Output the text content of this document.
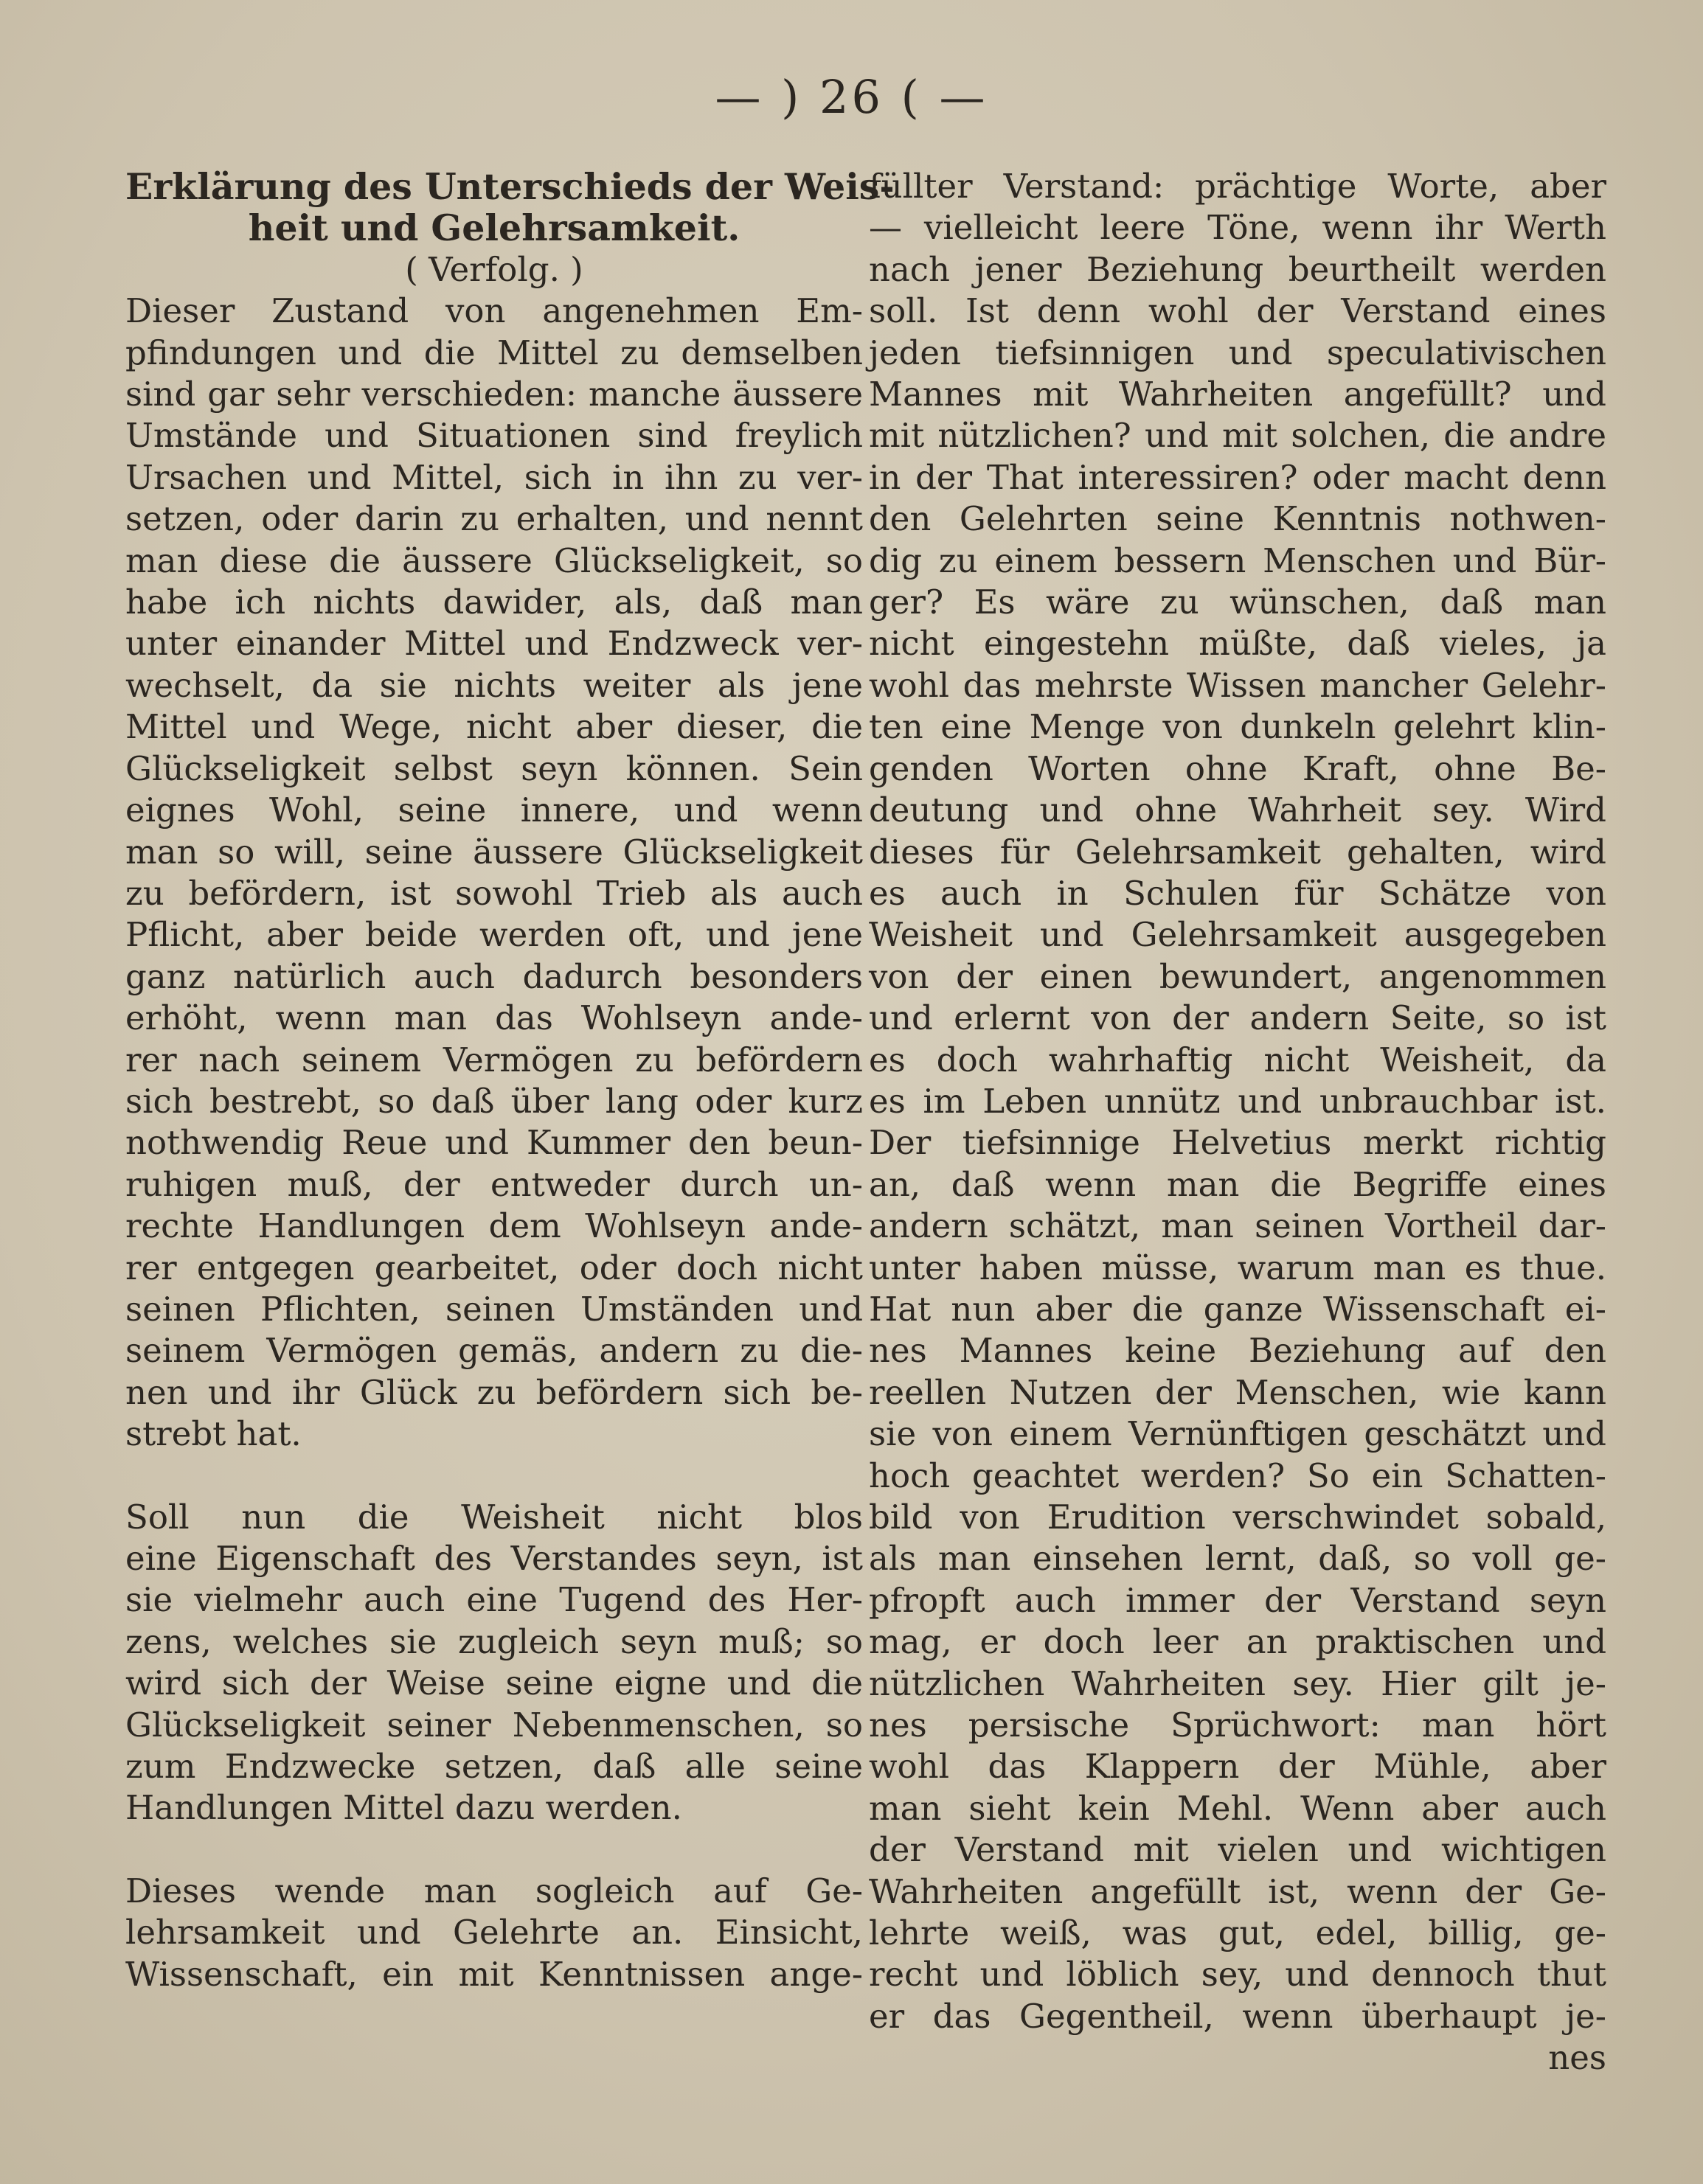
— ) 26 ( —

Erklärung des Unterschieds der Weis-

heit und Gelehrsamkeit.

( Verfolg. )

Dieser Zustand von angenehmen Em-

pfindungen und die Mittel zu demselben

sind gar sehr verschieden: manche äussere

Umstände und Situationen sind freylich

Ursachen und Mittel, sich in ihn zu ver-

setzen, oder darin zu erhalten, und nennt

man diese die äussere Glückseligkeit, so

habe ich nichts dawider, als, daß man

unter einander Mittel und Endzweck ver-

wechselt, da sie nichts weiter als jene

Mittel und Wege, nicht aber dieser, die

Glückseligkeit selbst seyn können. Sein

eignes Wohl, seine innere, und wenn

man so will, seine äussere Glückseligkeit

zu befördern, ist sowohl Trieb als auch

Pflicht, aber beide werden oft, und jene

ganz natürlich auch dadurch besonders

erhöht, wenn man das Wohlseyn ande-

rer nach seinem Vermögen zu befördern

sich bestrebt, so daß über lang oder kurz

nothwendig Reue und Kummer den beun-

ruhigen muß, der entweder durch un-

rechte Handlungen dem Wohlseyn ande-

rer entgegen gearbeitet, oder doch nicht

seinen Pflichten, seinen Umständen und

seinem Vermögen gemäs, andern zu die-

nen und ihr Glück zu befördern sich be-

strebt hat.

Soll nun die Weisheit nicht blos

eine Eigenschaft des Verstandes seyn, ist

sie vielmehr auch eine Tugend des Her-

zens, welches sie zugleich seyn muß; so

wird sich der Weise seine eigne und die

Glückseligkeit seiner Nebenmenschen, so

zum Endzwecke setzen, daß alle seine

Handlungen Mittel dazu werden.

Dieses wende man sogleich auf Ge-

lehrsamkeit und Gelehrte an. Einsicht,

Wissenschaft, ein mit Kenntnissen ange-

füllter Verstand: prächtige Worte, aber

— vielleicht leere Töne, wenn ihr Werth

nach jener Beziehung beurtheilt werden

soll. Ist denn wohl der Verstand eines

jeden tiefsinnigen und speculativischen

Mannes mit Wahrheiten angefüllt? und

mit nützlichen? und mit solchen, die andre

in der That interessiren? oder macht denn

den Gelehrten seine Kenntnis nothwen-

dig zu einem bessern Menschen und Bür-

ger? Es wäre zu wünschen, daß man

nicht eingestehn müßte, daß vieles, ja

wohl das mehrste Wissen mancher Gelehr-

ten eine Menge von dunkeln gelehrt klin-

genden Worten ohne Kraft, ohne Be-

deutung und ohne Wahrheit sey. Wird

dieses für Gelehrsamkeit gehalten, wird

es auch in Schulen für Schätze von

Weisheit und Gelehrsamkeit ausgegeben

von der einen bewundert, angenommen

und erlernt von der andern Seite, so ist

es doch wahrhaftig nicht Weisheit, da

es im Leben unnütz und unbrauchbar ist.

Der tiefsinnige Helvetius merkt richtig

an, daß wenn man die Begriffe eines

andern schätzt, man seinen Vortheil dar-

unter haben müsse, warum man es thue.

Hat nun aber die ganze Wissenschaft ei-

nes Mannes keine Beziehung auf den

reellen Nutzen der Menschen, wie kann

sie von einem Vernünftigen geschätzt und

hoch geachtet werden? So ein Schatten-

bild von Erudition verschwindet sobald,

als man einsehen lernt, daß, so voll ge-

pfropft auch immer der Verstand seyn

mag, er doch leer an praktischen und

nützlichen Wahrheiten sey. Hier gilt je-

nes persische Sprüchwort: man hört

wohl das Klappern der Mühle, aber

man sieht kein Mehl. Wenn aber auch

der Verstand mit vielen und wichtigen

Wahrheiten angefüllt ist, wenn der Ge-

lehrte weiß, was gut, edel, billig, ge-

recht und löblich sey, und dennoch thut

er das Gegentheil, wenn überhaupt je-

nes
